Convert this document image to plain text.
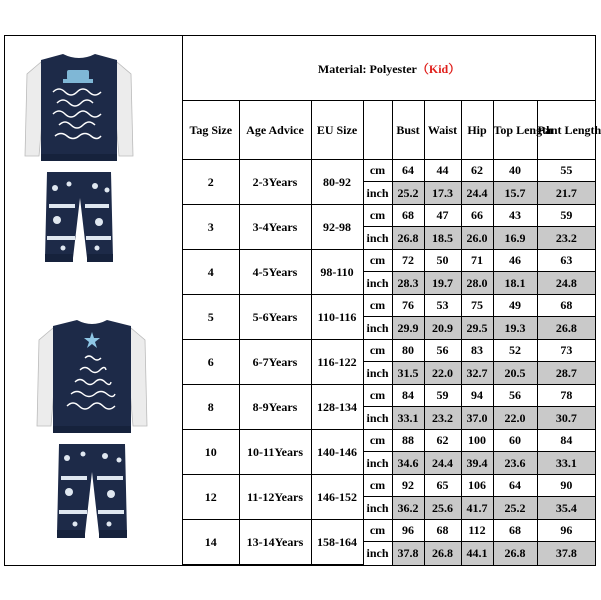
Material: Polyester（Kid）								
Tag Size	Age Advice	EU Size		Bust	Waist	Hip	Top Length	Pant Length
2	2-3Years	80-92	cm	64	44	62	40	55
			inch	25.2	17.3	24.4	15.7	21.7
3	3-4Years	92-98	cm	68	47	66	43	59
			inch	26.8	18.5	26.0	16.9	23.2
4	4-5Years	98-110	cm	72	50	71	46	63
			inch	28.3	19.7	28.0	18.1	24.8
5	5-6Years	110-116	cm	76	53	75	49	68
			inch	29.9	20.9	29.5	19.3	26.8
6	6-7Years	116-122	cm	80	56	83	52	73
			inch	31.5	22.0	32.7	20.5	28.7
8	8-9Years	128-134	cm	84	59	94	56	78
			inch	33.1	23.2	37.0	22.0	30.7
10	10-11Years	140-146	cm	88	62	100	60	84
			inch	34.6	24.4	39.4	23.6	33.1
12	11-12Years	146-152	cm	92	65	106	64	90
			inch	36.2	25.6	41.7	25.2	35.4
14	13-14Years	158-164	cm	96	68	112	68	96
			inch	37.8	26.8	44.1	26.8	37.8
